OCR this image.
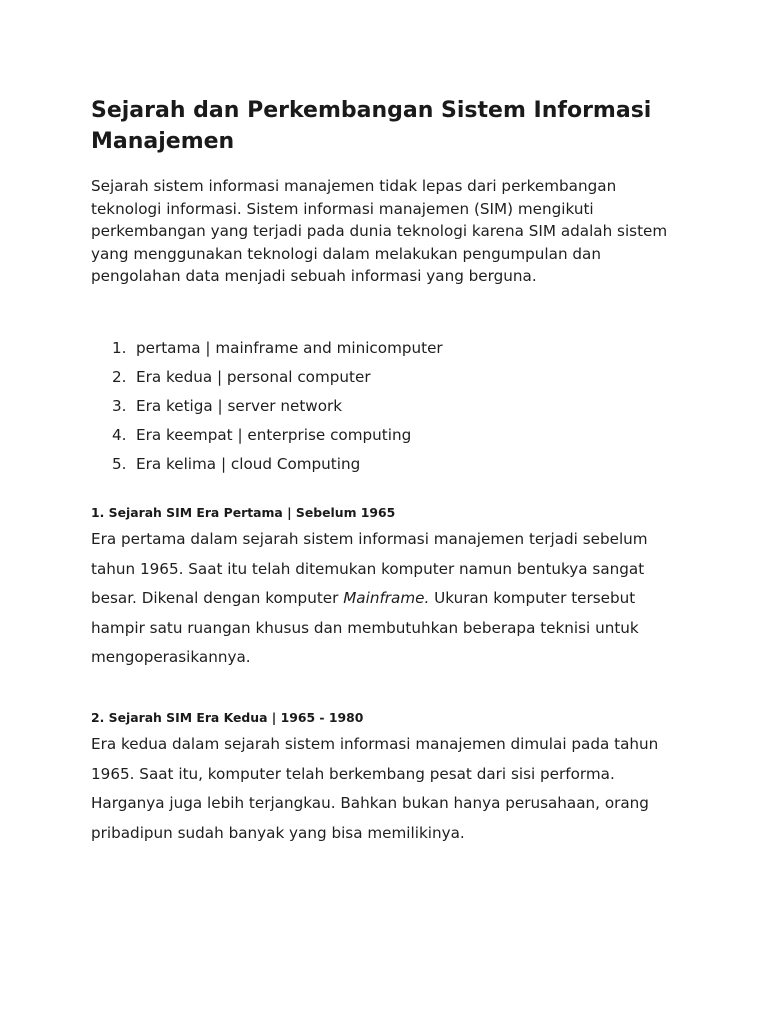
Sejarah dan Perkembangan Sistem Informasi Manajemen

Sejarah sistem informasi manajemen tidak lepas dari perkembangan teknologi informasi. Sistem informasi manajemen (SIM) mengikuti perkembangan yang terjadi pada dunia teknologi karena SIM adalah sistem yang menggunakan teknologi dalam melakukan pengumpulan dan pengolahan data menjadi sebuah informasi yang berguna.

1. pertama | mainframe and minicomputer
2. Era kedua | personal computer
3. Era ketiga | server network
4. Era keempat | enterprise computing
5. Era kelima | cloud Computing
1. Sejarah SIM Era Pertama | Sebelum 1965

Era pertama dalam sejarah sistem informasi manajemen terjadi sebelum tahun 1965. Saat itu telah ditemukan komputer namun bentukya sangat besar. Dikenal dengan komputer Mainframe. Ukuran komputer tersebut hampir satu ruangan khusus dan membutuhkan beberapa teknisi untuk mengoperasikannya.

2. Sejarah SIM Era Kedua | 1965 - 1980

Era kedua dalam sejarah sistem informasi manajemen dimulai pada tahun 1965. Saat itu, komputer telah berkembang pesat dari sisi performa. Harganya juga lebih terjangkau. Bahkan bukan hanya perusahaan, orang pribadipun sudah banyak yang bisa memilikinya.
